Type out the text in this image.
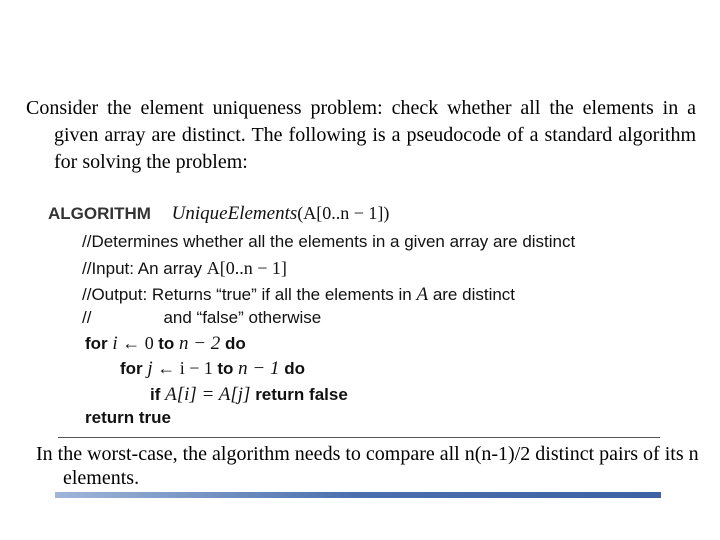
Consider the element uniqueness problem: check whether all the elements in a given array are distinct. The following is a pseudocode of a standard algorithm for solving the problem:
ALGORITHM UniqueElements(A[0..n − 1])
//Determines whether all the elements in a given array are distinct
//Input: An array A[0..n − 1]
//Output: Returns “true” if all the elements in A are distinct
//	and “false” otherwise
for i ← 0 to n − 2 do
for j ← i − 1 to n − 1 do
if A[i] = A[j] return false
return true
In the worst-case, the algorithm needs to compare all n(n-1)/2 distinct pairs of its n elements.
